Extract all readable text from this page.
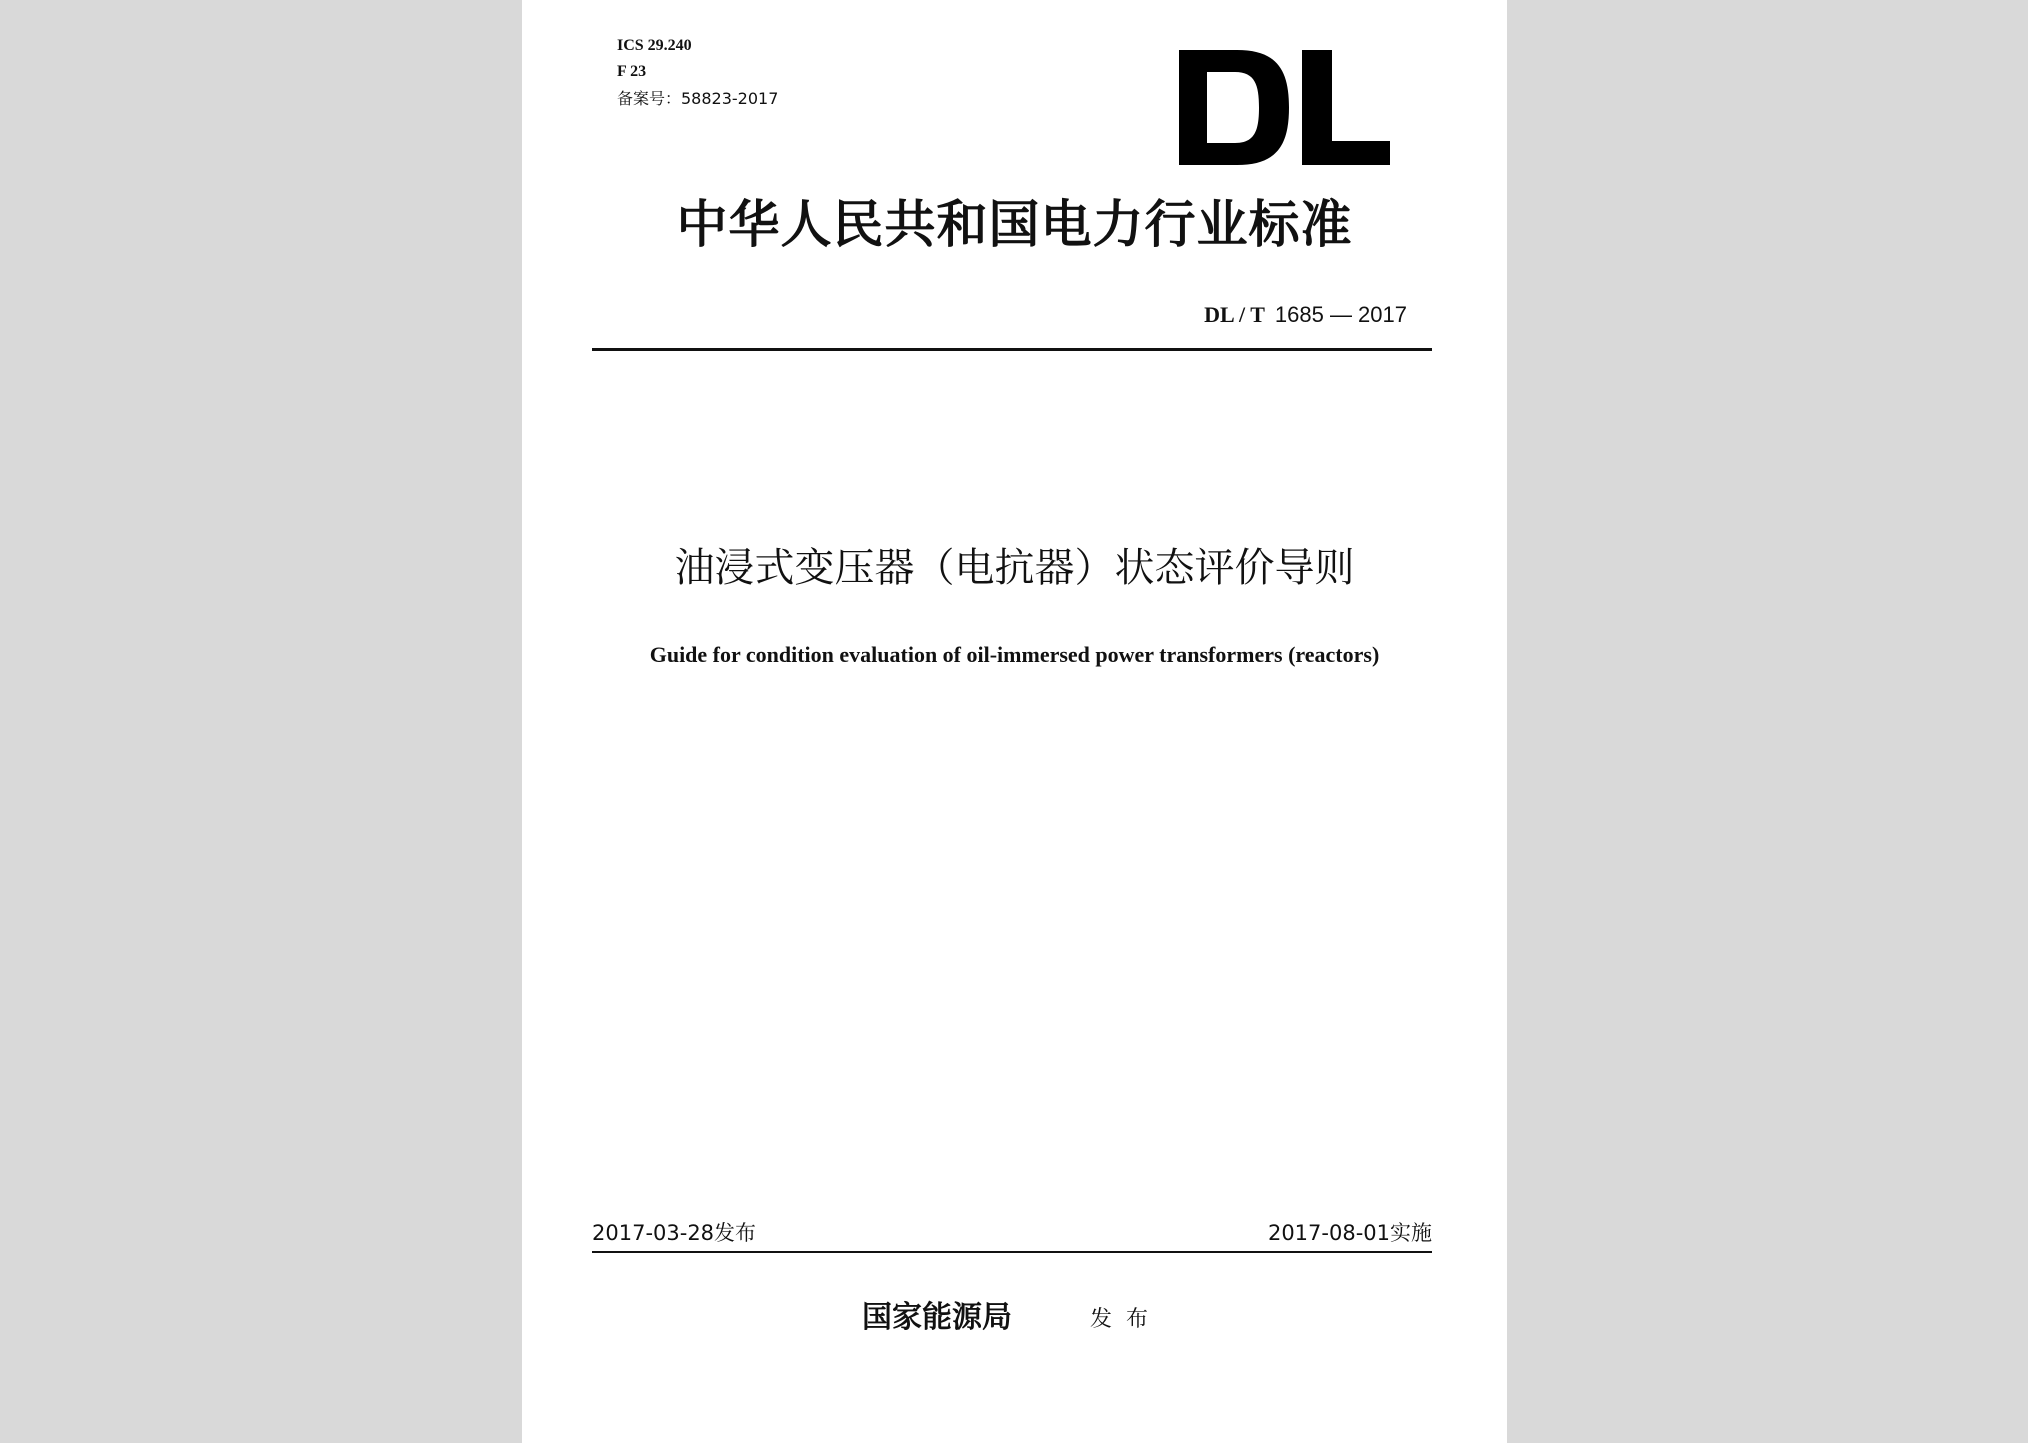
ICS 29.240
F 23
备案号：58823-2017
中华人民共和国电力行业标准
DL / T 1685 — 2017
油浸式变压器（电抗器）状态评价导则
Guide for condition evaluation of oil-immersed power transformers (reactors)
2017-03-28发布	2017-08-01实施
国家能源局	发布
